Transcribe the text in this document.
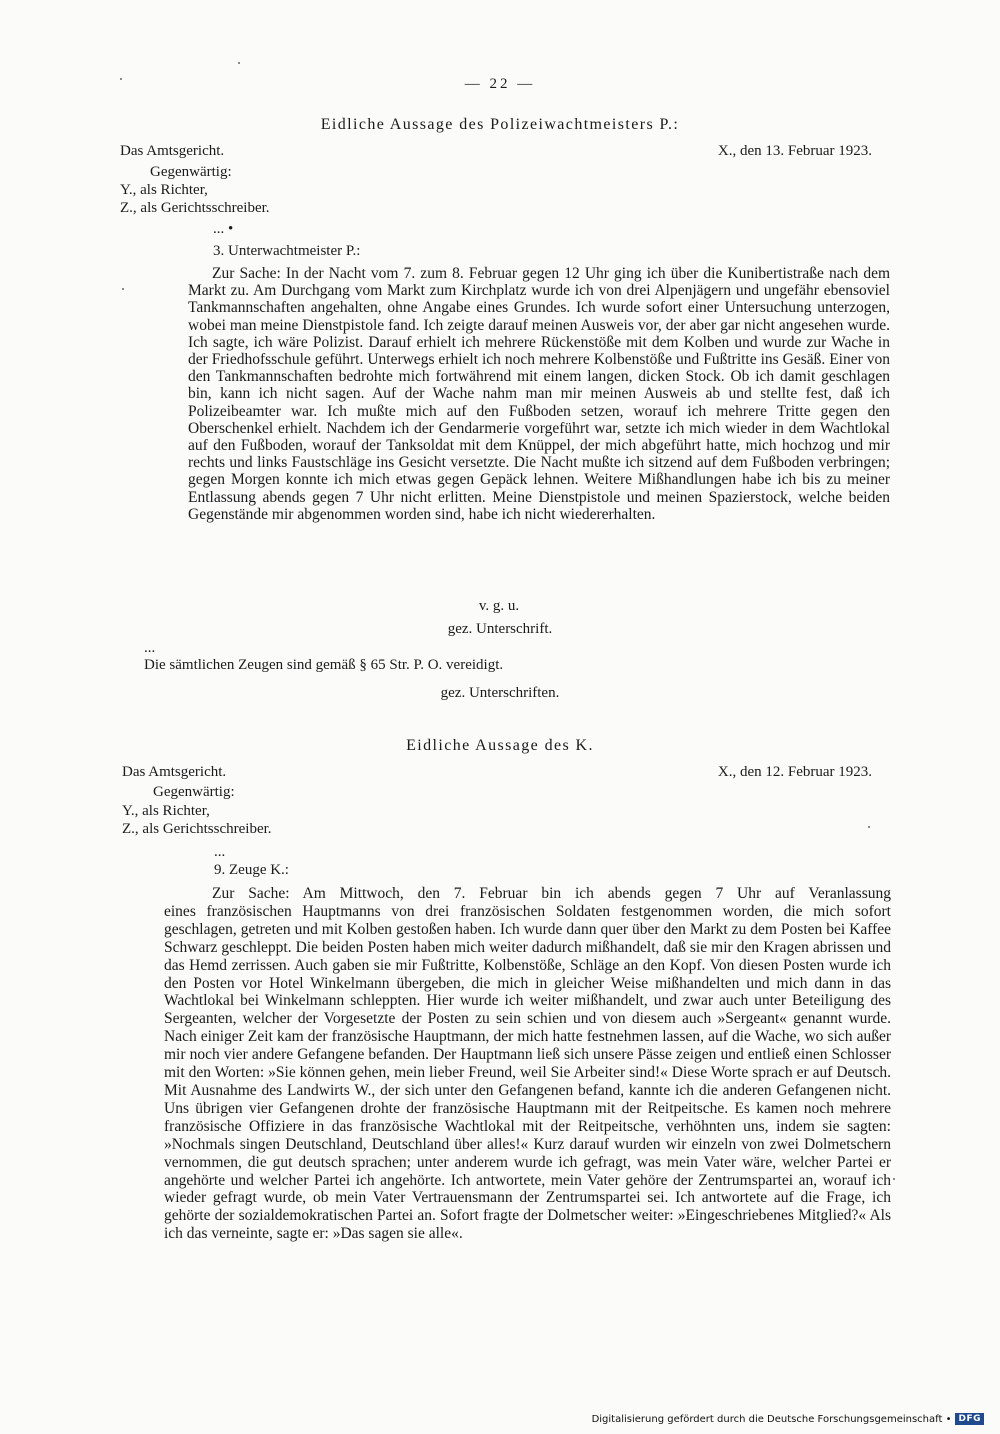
— 22 —
Eidliche Aussage des Polizeiwachtmeisters P.:
Das Amtsgericht.	X., den 13. Februar 1923.
Gegenwärtig:
Y., als Richter,
Z., als Gerichtsschreiber.
... •
3. Unterwachtmeister P.:
Zur Sache: In der Nacht vom 7. zum 8. Februar gegen 12 Uhr ging ich über die Kunibertistraße nach dem Markt zu. Am Durchgang vom Markt zum Kirchplatz wurde ich von drei Alpenjägern und ungefähr ebensoviel Tankmannschaften angehalten, ohne Angabe eines Grundes. Ich wurde sofort einer Untersuchung unterzogen, wobei man meine Dienstpistole fand. Ich zeigte darauf meinen Ausweis vor, der aber gar nicht angesehen wurde. Ich sagte, ich wäre Polizist. Darauf erhielt ich mehrere Rückenstöße mit dem Kolben und wurde zur Wache in der Friedhofsschule geführt. Unterwegs erhielt ich noch mehrere Kolbenstöße und Fußtritte ins Gesäß. Einer von den Tankmannschaften bedrohte mich fortwährend mit einem langen, dicken Stock. Ob ich damit geschlagen bin, kann ich nicht sagen. Auf der Wache nahm man mir meinen Ausweis ab und stellte fest, daß ich Polizeibeamter war. Ich mußte mich auf den Fußboden setzen, worauf ich mehrere Tritte gegen den Oberschenkel erhielt. Nachdem ich der Gendarmerie vorgeführt war, setzte ich mich wieder in dem Wachtlokal auf den Fußboden, worauf der Tanksoldat mit dem Knüppel, der mich abgeführt hatte, mich hochzog und mir rechts und links Faustschläge ins Gesicht versetzte. Die Nacht mußte ich sitzend auf dem Fußboden verbringen; gegen Morgen konnte ich mich etwas gegen Gepäck lehnen. Weitere Mißhandlungen habe ich bis zu meiner Entlassung abends gegen 7 Uhr nicht erlitten. Meine Dienstpistole und meinen Spazierstock, welche beiden Gegenstände mir abgenommen worden sind, habe ich nicht wiedererhalten.
v. g. u.
gez. Unterschrift.
...
Die sämtlichen Zeugen sind gemäß § 65 Str. P. O. vereidigt.
gez. Unterschriften.
Eidliche Aussage des K.
Das Amtsgericht.	X., den 12. Februar 1923.
Gegenwärtig:
Y., als Richter,
Z., als Gerichtsschreiber.
...
9. Zeuge K.:
Zur Sache: Am Mittwoch, den 7. Februar bin ich abends gegen 7 Uhr auf Veranlassung
eines französischen Hauptmanns von drei französischen Soldaten festgenommen worden, die mich sofort geschlagen, getreten und mit Kolben gestoßen haben. Ich wurde dann quer über den Markt zu dem Posten bei Kaffee Schwarz geschleppt. Die beiden Posten haben mich weiter dadurch mißhandelt, daß sie mir den Kragen abrissen und das Hemd zerrissen. Auch gaben sie mir Fußtritte, Kolbenstöße, Schläge an den Kopf. Von diesen Posten wurde ich den Posten vor Hotel Winkelmann übergeben, die mich in gleicher Weise mißhandelten und mich dann in das Wachtlokal bei Winkelmann schleppten. Hier wurde ich weiter mißhandelt, und zwar auch unter Beteiligung des Sergeanten, welcher der Vorgesetzte der Posten zu sein schien und von diesem auch »Sergeant« genannt wurde. Nach einiger Zeit kam der französische Hauptmann, der mich hatte festnehmen lassen, auf die Wache, wo sich außer mir noch vier andere Gefangene befanden. Der Hauptmann ließ sich unsere Pässe zeigen und entließ einen Schlosser mit den Worten: »Sie können gehen, mein lieber Freund, weil Sie Arbeiter sind!« Diese Worte sprach er auf Deutsch. Mit Ausnahme des Landwirts W., der sich unter den Gefangenen befand, kannte ich die anderen Gefangenen nicht. Uns übrigen vier Gefangenen drohte der französische Hauptmann mit der Reitpeitsche. Es kamen noch mehrere französische Offiziere in das französische Wachtlokal mit der Reitpeitsche, verhöhnten uns, indem sie sagten: »Nochmals singen Deutschland, Deutschland über alles!« Kurz darauf wurden wir einzeln von zwei Dolmetschern vernommen, die gut deutsch sprachen; unter anderem wurde ich gefragt, was mein Vater wäre, welcher Partei er angehörte und welcher Partei ich angehörte. Ich antwortete, mein Vater gehöre der Zentrumspartei an, worauf ich wieder gefragt wurde, ob mein Vater Vertrauensmann der Zentrumspartei sei. Ich antwortete auf die Frage, ich gehörte der sozialdemokratischen Partei an. Sofort fragte der Dolmetscher weiter: »Eingeschriebenes Mitglied?« Als ich das verneinte, sagte er: »Das sagen sie alle«.
Digitalisierung gefördert durch die Deutsche Forschungsgemeinschaft • DFG
